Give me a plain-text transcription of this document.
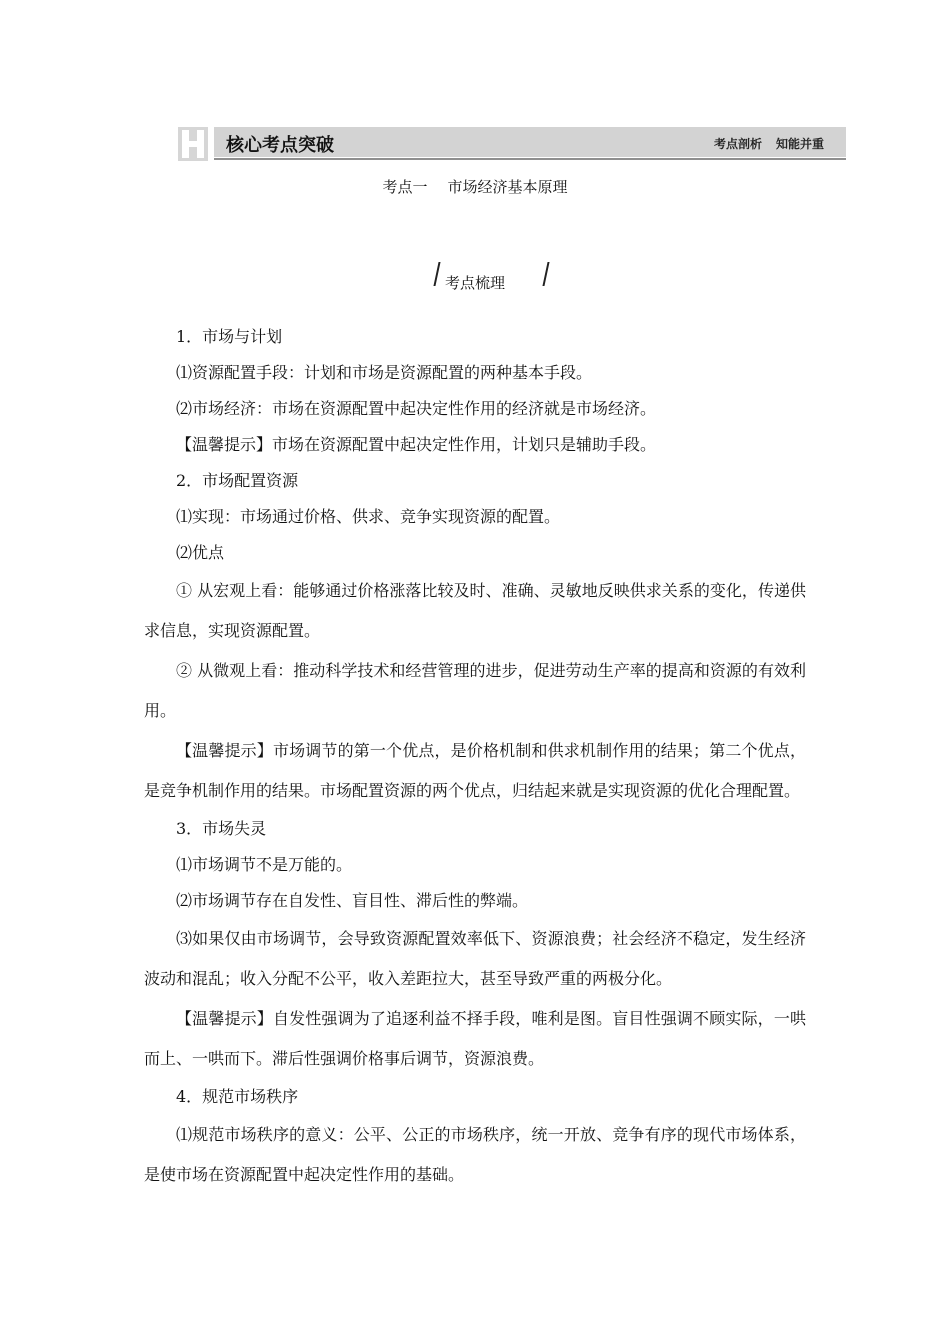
核心考点突破	考点剖析 知能并重
考点一 市场经济基本原理
考点梳理

1．市场与计划

⑴资源配置手段：计划和市场是资源配置的两种基本手段。

⑵市场经济：市场在资源配置中起决定性作用的经济就是市场经济。

【温馨提示】市场在资源配置中起决定性作用，计划只是辅助手段。

2．市场配置资源

⑴实现：市场通过价格、供求、竞争实现资源的配置。

⑵优点

① 从宏观上看：能够通过价格涨落比较及时、准确、灵敏地反映供求关系的变化，传递供求信息，实现资源配置。

② 从微观上看：推动科学技术和经营管理的进步，促进劳动生产率的提高和资源的有效利用。

【温馨提示】市场调节的第一个优点，是价格机制和供求机制作用的结果；第二个优点，是竞争机制作用的结果。市场配置资源的两个优点，归结起来就是实现资源的优化合理配置。

3．市场失灵

⑴市场调节不是万能的。

⑵市场调节存在自发性、盲目性、滞后性的弊端。

⑶如果仅由市场调节，会导致资源配置效率低下、资源浪费；社会经济不稳定，发生经济波动和混乱；收入分配不公平，收入差距拉大，甚至导致严重的两极分化。

【温馨提示】自发性强调为了追逐利益不择手段，唯利是图。盲目性强调不顾实际，一哄而上、一哄而下。滞后性强调价格事后调节，资源浪费。

4．规范市场秩序

⑴规范市场秩序的意义：公平、公正的市场秩序，统一开放、竞争有序的现代市场体系，是使市场在资源配置中起决定性作用的基础。
